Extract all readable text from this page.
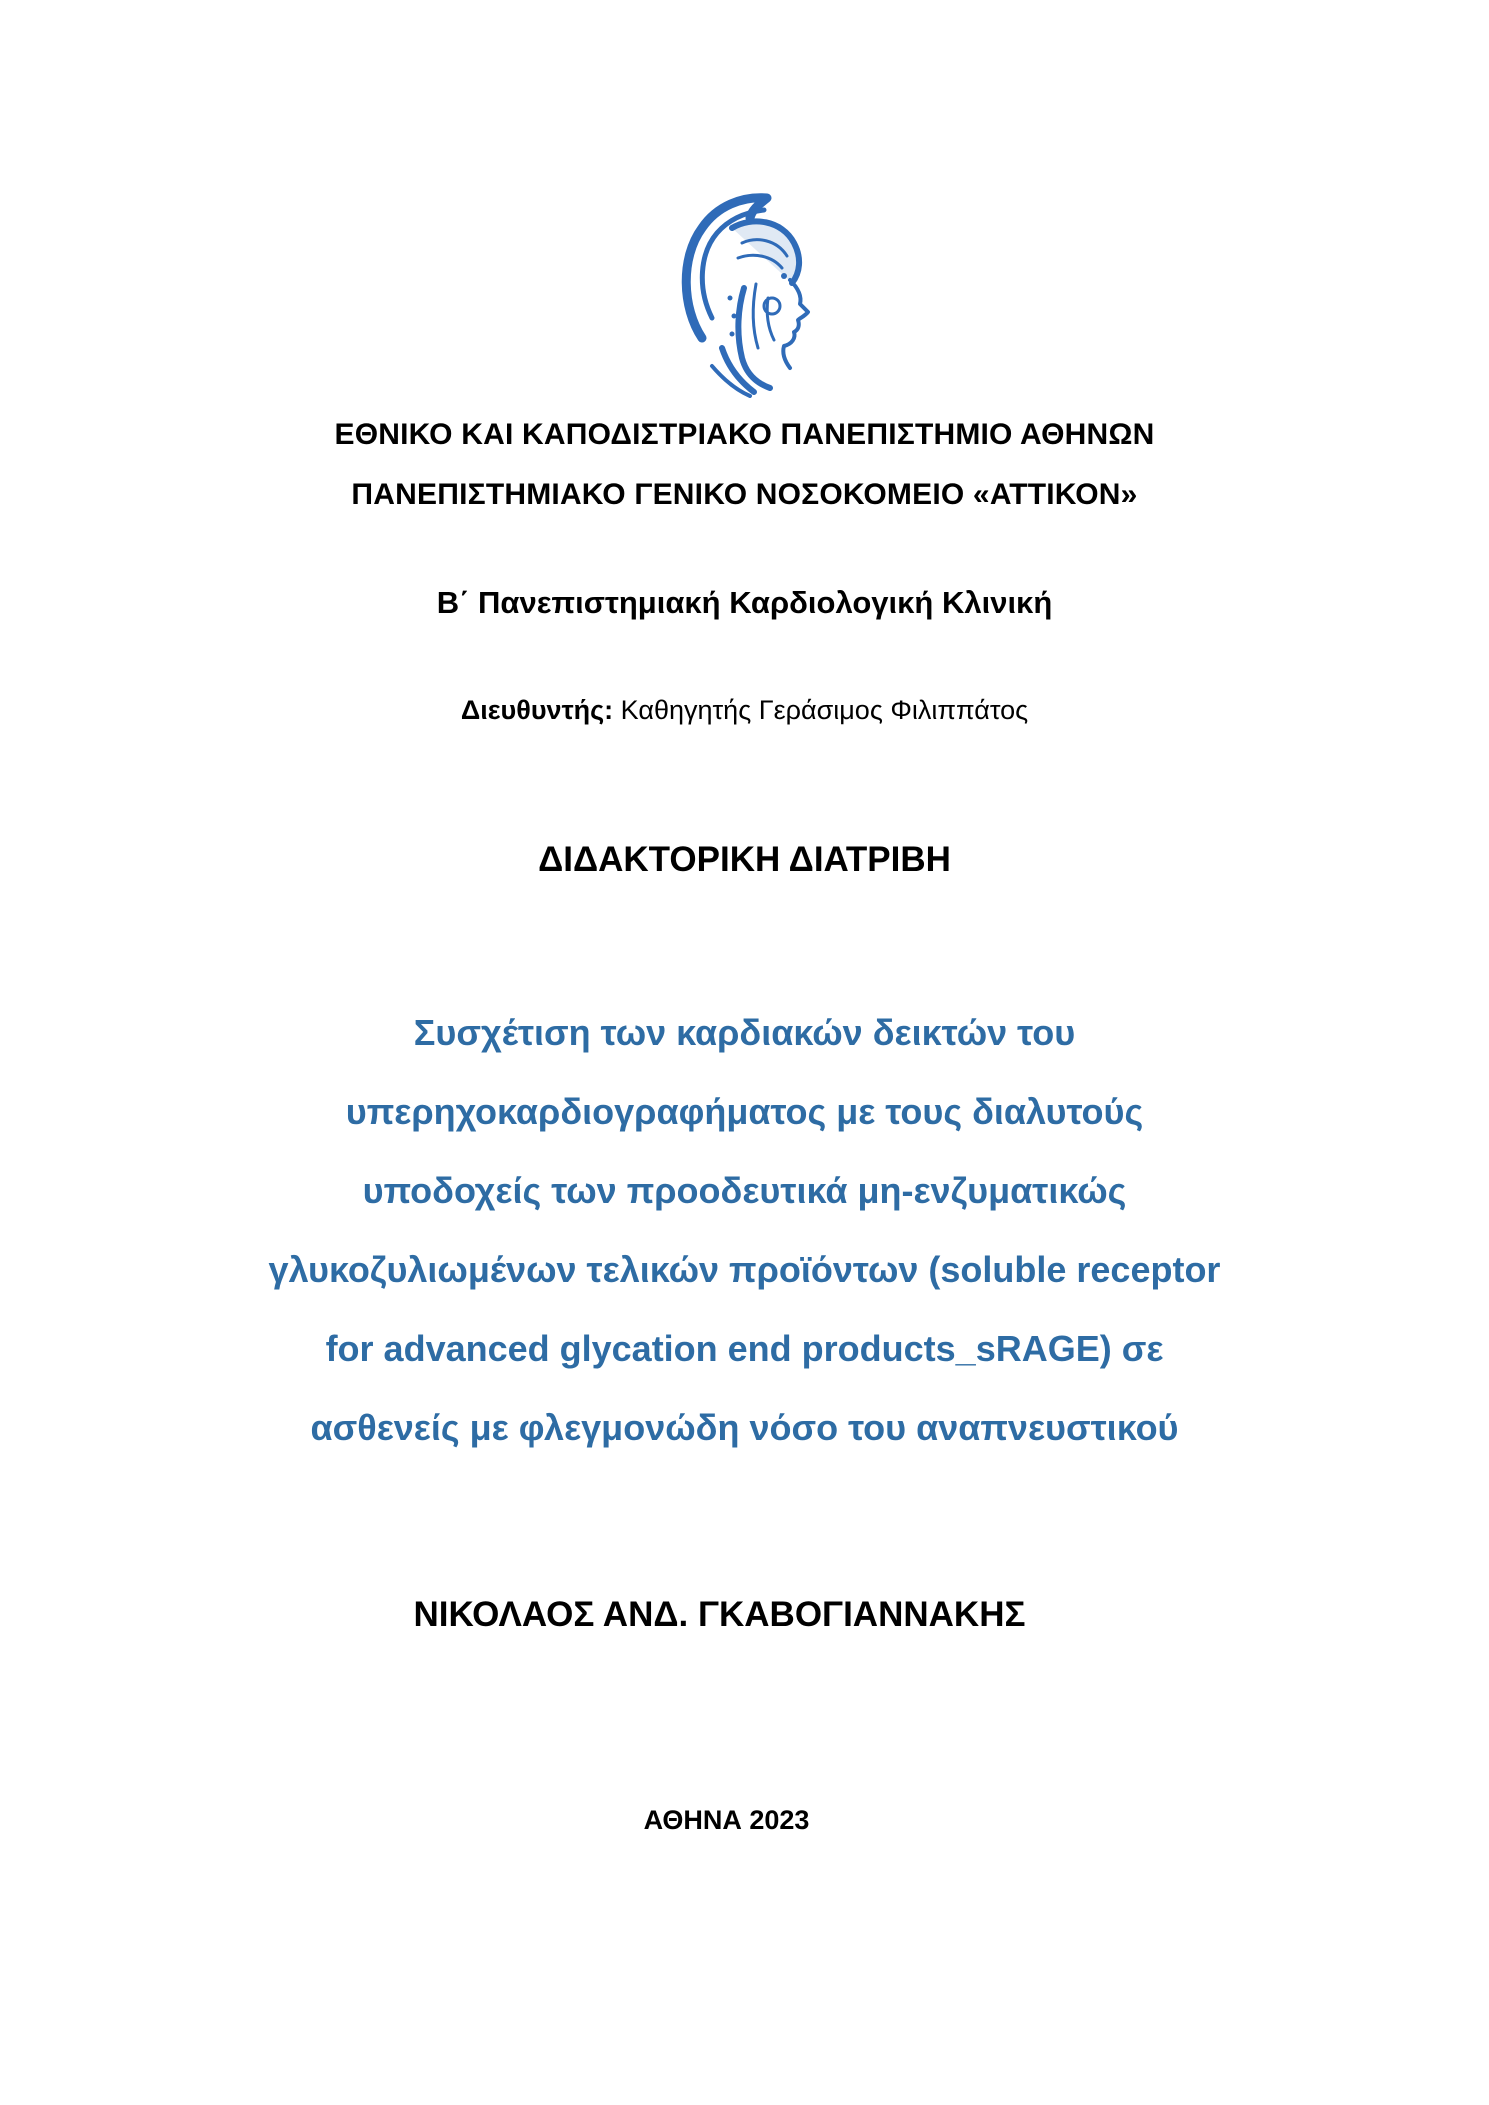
ΕΘΝΙΚΟ ΚΑΙ ΚΑΠΟΔΙΣΤΡΙΑΚΟ ΠΑΝΕΠΙΣΤΗΜΙΟ ΑΘΗΝΩΝ
ΠΑΝΕΠΙΣΤΗΜΙΑΚΟ ΓΕΝΙΚΟ ΝΟΣΟΚΟΜΕΙΟ «ΑΤΤΙΚΟΝ»
Β΄ Πανεπιστημιακή Καρδιολογική Κλινική
Διευθυντής: Καθηγητής Γεράσιμος Φιλιππάτος
ΔΙΔΑΚΤΟΡΙΚΗ ΔΙΑΤΡΙΒΗ
Συσχέτιση των καρδιακών δεικτών του
υπερηχοκαρδιογραφήματος με τους διαλυτούς
υποδοχείς των προοδευτικά μη-ενζυματικώς
γλυκοζυλιωμένων τελικών προϊόντων (soluble receptor
for advanced glycation end products_sRAGE) σε
ασθενείς με φλεγμονώδη νόσο του αναπνευστικού
ΝΙΚΟΛΑΟΣ ΑΝΔ. ΓΚΑΒΟΓΙΑΝΝΑΚΗΣ
ΑΘΗΝΑ 2023
